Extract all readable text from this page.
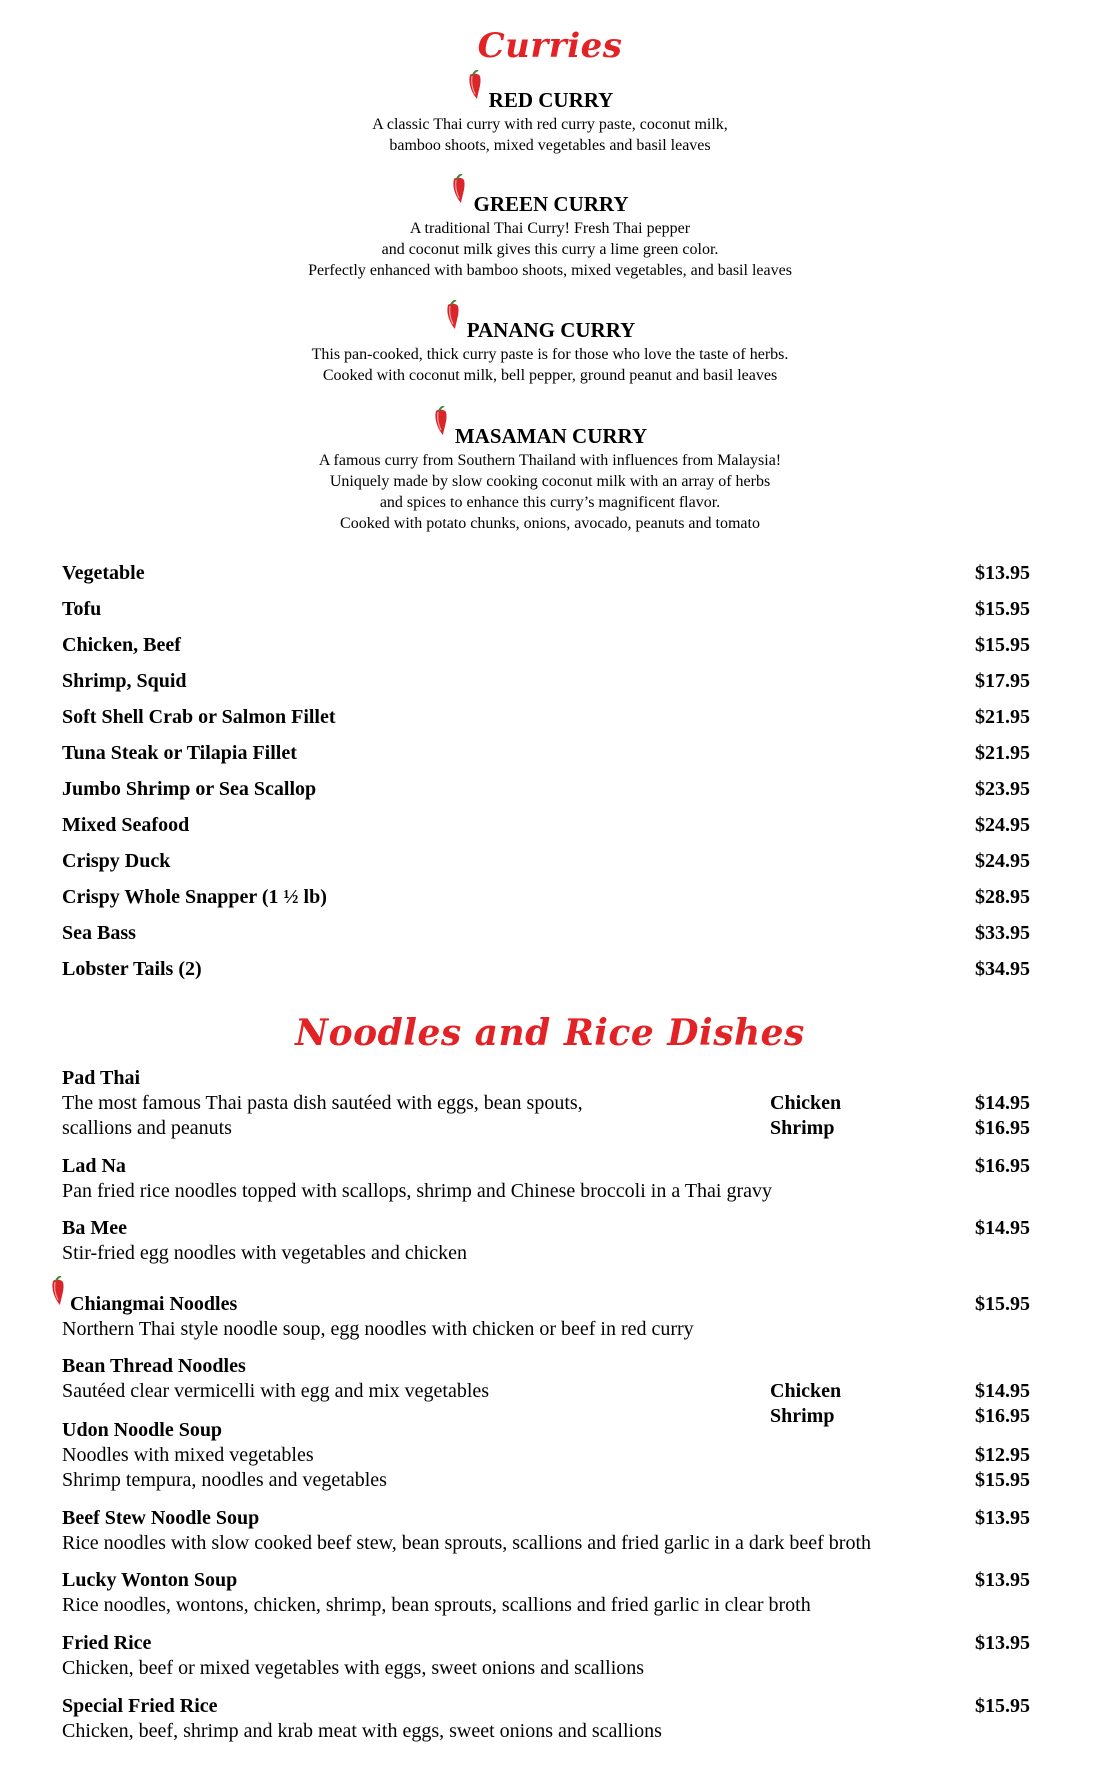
Curries
RED CURRY
A classic Thai curry with red curry paste, coconut milk,
bamboo shoots, mixed vegetables and basil leaves
GREEN CURRY
A traditional Thai Curry! Fresh Thai pepper
and coconut milk gives this curry a lime green color.
Perfectly enhanced with bamboo shoots, mixed vegetables, and basil leaves
PANANG CURRY
This pan-cooked, thick curry paste is for those who love the taste of herbs.
Cooked with coconut milk, bell pepper, ground peanut and basil leaves
MASAMAN CURRY
A famous curry from Southern Thailand with influences from Malaysia!
Uniquely made by slow cooking coconut milk with an array of herbs
and spices to enhance this curry’s magnificent flavor.
Cooked with potato chunks, onions, avocado, peanuts and tomato
Vegetable	$13.95
Tofu	$15.95
Chicken, Beef	$15.95
Shrimp, Squid	$17.95
Soft Shell Crab or Salmon Fillet	$21.95
Tuna Steak or Tilapia Fillet	$21.95
Jumbo Shrimp or Sea Scallop	$23.95
Mixed Seafood	$24.95
Crispy Duck	$24.95
Crispy Whole Snapper (1 ½ lb)	$28.95
Sea Bass	$33.95
Lobster Tails (2)	$34.95
Noodles and Rice Dishes
Pad Thai
The most famous Thai pasta dish sautéed with eggs, bean spouts,	Chicken	$14.95
scallions and peanuts	Shrimp	$16.95
Lad Na	$16.95
Pan fried rice noodles topped with scallops, shrimp and Chinese broccoli in a Thai gravy
Ba Mee	$14.95
Stir-fried egg noodles with vegetables and chicken
Chiangmai Noodles	$15.95
Northern Thai style noodle soup, egg noodles with chicken or beef in red curry
Bean Thread Noodles
Sautéed clear vermicelli with egg and mix vegetables	Chicken	$14.95
Shrimp	$16.95
Udon Noodle Soup
Noodles with mixed vegetables	$12.95
Shrimp tempura, noodles and vegetables	$15.95
Beef Stew Noodle Soup	$13.95
Rice noodles with slow cooked beef stew, bean sprouts, scallions and fried garlic in a dark beef broth
Lucky Wonton Soup	$13.95
Rice noodles, wontons, chicken, shrimp, bean sprouts, scallions and fried garlic in clear broth
Fried Rice	$13.95
Chicken, beef or mixed vegetables with eggs, sweet onions and scallions
Special Fried Rice	$15.95
Chicken, beef, shrimp and krab meat with eggs, sweet onions and scallions
